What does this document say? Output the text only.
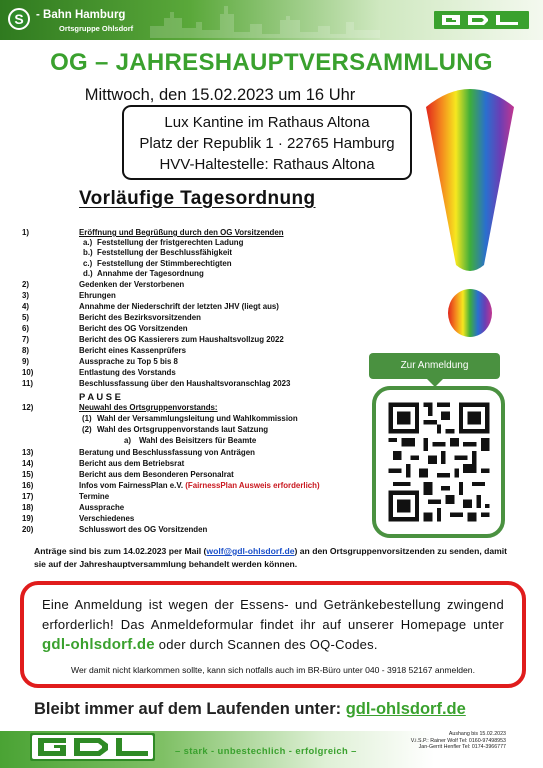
S	- Bahn Hamburg
Ortsgruppe Ohlsdorf
OG – JAHRESHAUPTVERSAMMLUNG
Mittwoch, den 15.02.2023 um 16 Uhr
Lux Kantine im Rathaus Altona
Platz der Republik 1 · 22765 Hamburg
HVV-Haltestelle: Rathaus Altona
Vorläufige Tagesordnung
1)	Eröffnung und Begrüßung durch den OG Vorsitzenden
a.) Feststellung der fristgerechten Ladung
b.) Feststellung der Beschlussfähigkeit
c.) Feststellung der Stimmberechtigten
d.) Annahme der Tagesordnung
2)	Gedenken der Verstorbenen
3)	Ehrungen
4)	Annahme der Niederschrift der letzten JHV (liegt aus)
5)	Bericht des Bezirksvorsitzenden
6)	Bericht des OG Vorsitzenden
7)	Bericht des OG Kassierers zum Haushaltsvollzug 2022
8)	Bericht eines Kassenprüfers
9)	Aussprache zu Top 5 bis 8
10)	Entlastung des Vorstands
11)	Beschlussfassung über den Haushaltsvoranschlag 2023
P A U S E
12)	Neuwahl des Ortsgruppenvorstands:
(1) Wahl der Versammlungsleitung und Wahlkommission
(2) Wahl des Ortsgruppenvorstands laut Satzung
a) Wahl des Beisitzers für Beamte
13)	Beratung und Beschlussfassung von Anträgen
14)	Bericht aus dem Betriebsrat
15)	Bericht aus dem Besonderen Personalrat
16)	Infos vom FairnessPlan e.V. (FairnessPlan Ausweis erforderlich)
17)	Termine
18)	Aussprache
19)	Verschiedenes
20)	Schlusswort des OG Vorsitzenden
Zur Anmeldung
Anträge sind bis zum 14.02.2023 per Mail (wolf@gdl-ohlsdorf.de) an den Ortsgruppenvorsitzenden zu senden, damit sie auf der Jahreshauptversammlung behandelt werden können.
Eine Anmeldung ist wegen der Essens- und Getränkebestellung zwingend erforderlich! Das Anmeldeformular findet ihr auf unserer Homepage unter gdl-ohlsdorf.de oder durch Scannen des OQ-Codes.
Wer damit nicht klarkommen sollte, kann sich notfalls auch im BR-Büro unter 040 - 3918 52167 anmelden.
Bleibt immer auf dem Laufenden unter: gdl-ohlsdorf.de
– stark - unbestechlich - erfolgreich –
Aushang bis 15.02.2023
V.i.S.P.: Rainer Wolf Tel: 0160-97498953
Jan-Gerrit Henfler Tel: 0174-3966777
